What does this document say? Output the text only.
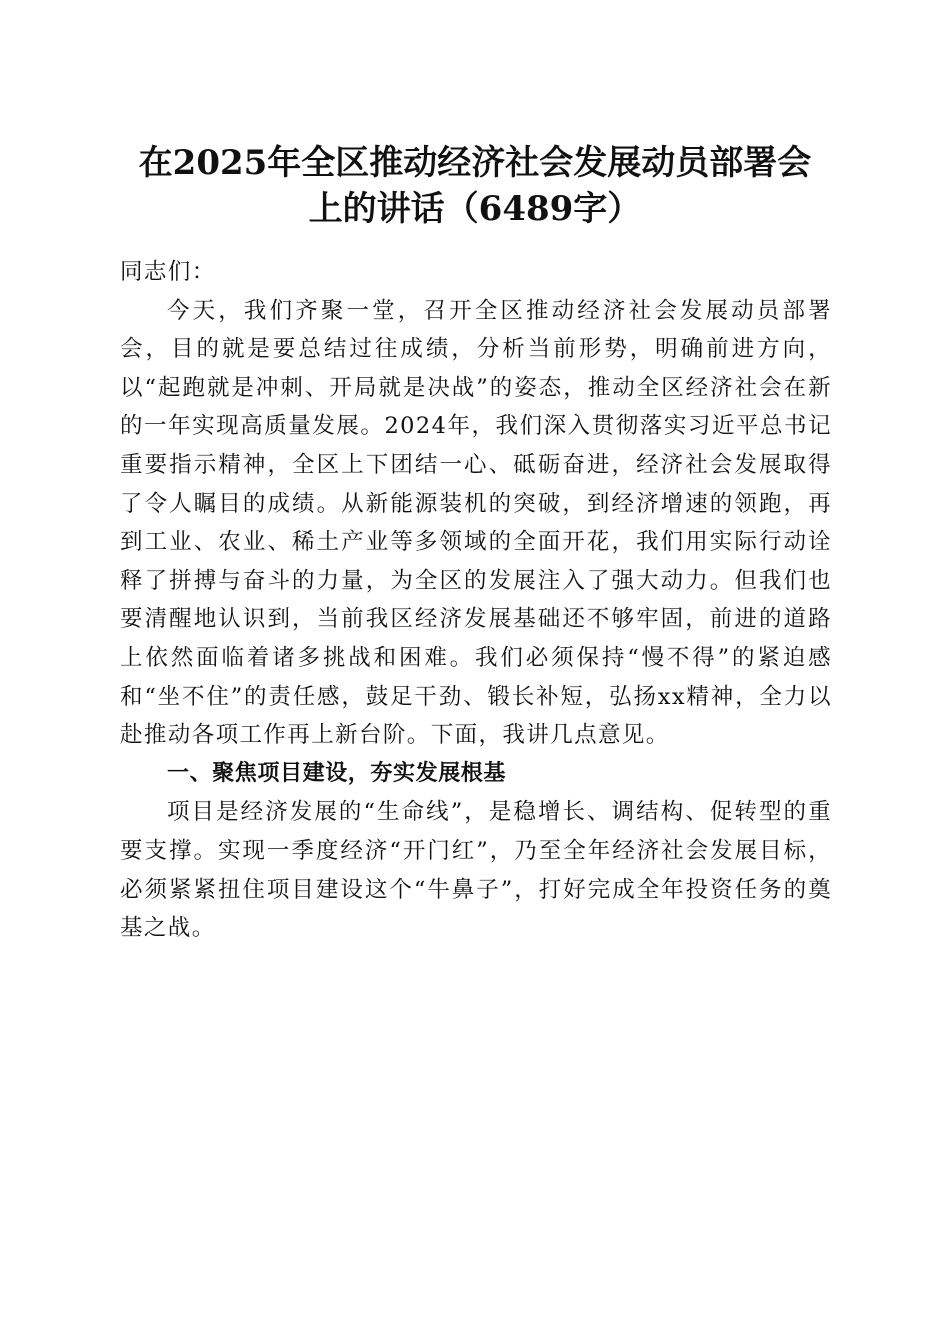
在2025年全区推动经济社会发展动员部署会
上的讲话（6489字）

同志们：

今天，我们齐聚一堂，召开全区推动经济社会发展动员部署会，目的就是要总结过往成绩，分析当前形势，明确前进方向，以“起跑就是冲刺、开局就是决战”的姿态，推动全区经济社会在新的一年实现高质量发展。2024年，我们深入贯彻落实习近平总书记重要指示精神，全区上下团结一心、砥砺奋进，经济社会发展取得了令人瞩目的成绩。从新能源装机的突破，到经济增速的领跑，再到工业、农业、稀土产业等多领域的全面开花，我们用实际行动诠释了拼搏与奋斗的力量，为全区的发展注入了强大动力。但我们也要清醒地认识到，当前我区经济发展基础还不够牢固，前进的道路上依然面临着诸多挑战和困难。我们必须保持“慢不得”的紧迫感和“坐不住”的责任感，鼓足干劲、锻长补短，弘扬xx精神，全力以赴推动各项工作再上新台阶。下面，我讲几点意见。

一、聚焦项目建设，夯实发展根基

项目是经济发展的“生命线”，是稳增长、调结构、促转型的重要支撑。实现一季度经济“开门红”，乃至全年经济社会发展目标，必须紧紧扭住项目建设这个“牛鼻子”，打好完成全年投资任务的奠基之战。
